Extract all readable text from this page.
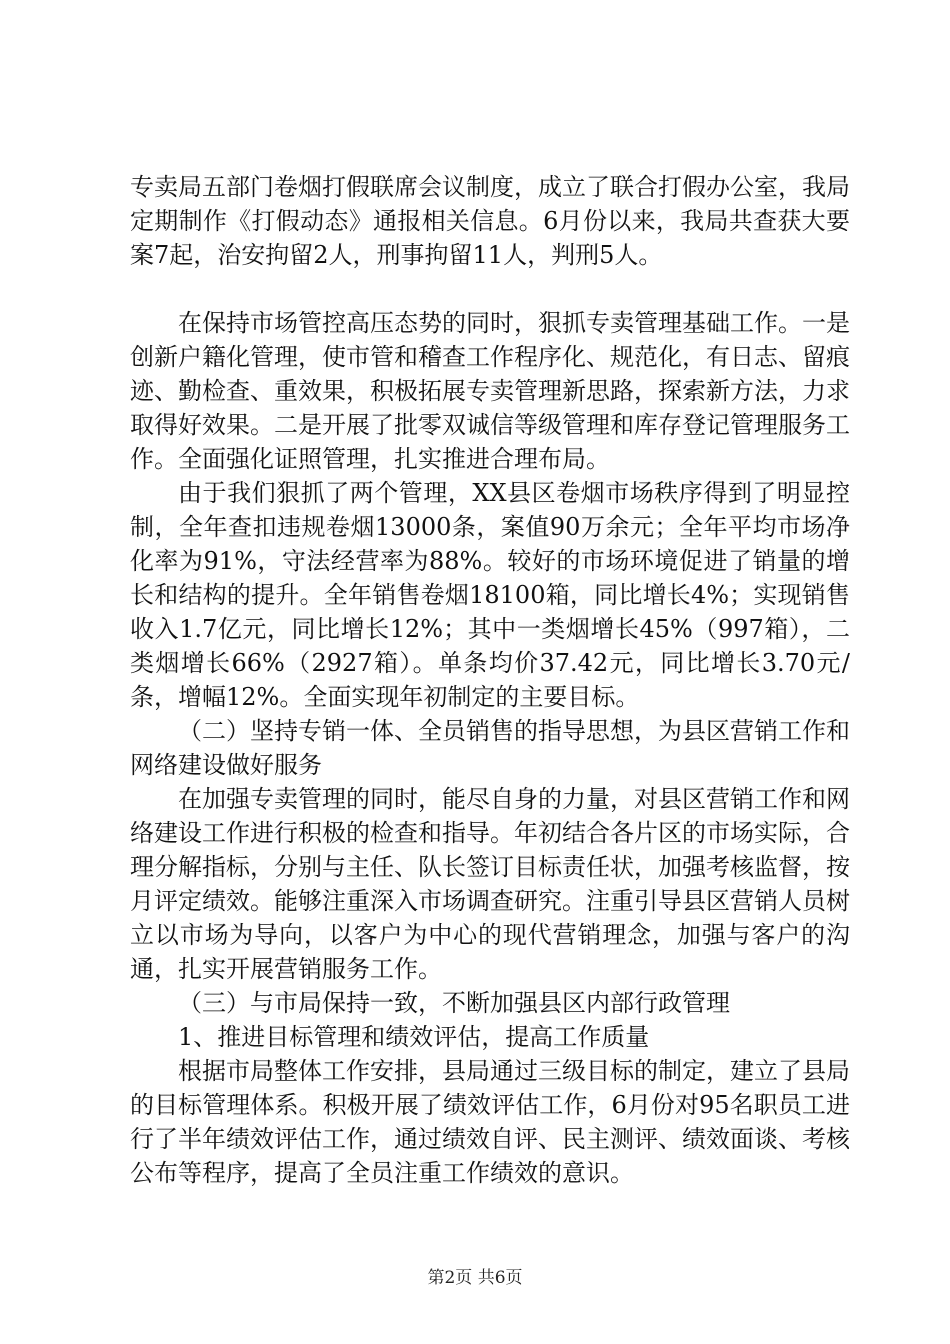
专卖局五部门卷烟打假联席会议制度，成立了联合打假办公室，我局定期制作《打假动态》通报相关信息。6月份以来，我局共查获大要案7起，治安拘留2人，刑事拘留11人，判刑5人。

在保持市场管控高压态势的同时，狠抓专卖管理基础工作。一是创新户籍化管理，使市管和稽查工作程序化、规范化，有日志、留痕迹、勤检查、重效果，积极拓展专卖管理新思路，探索新方法，力求取得好效果。二是开展了批零双诚信等级管理和库存登记管理服务工作。全面强化证照管理，扎实推进合理布局。

由于我们狠抓了两个管理，XX县区卷烟市场秩序得到了明显控制，全年查扣违规卷烟13000条，案值90万余元；全年平均市场净化率为91%，守法经营率为88%。较好的市场环境促进了销量的增长和结构的提升。全年销售卷烟18100箱，同比增长4%；实现销售收入1.7亿元，同比增长12%；其中一类烟增长45%（997箱），二类烟增长66%（2927箱）。单条均价37.42元，同比增长3.70元/条，增幅12%。全面实现年初制定的主要目标。

（二）坚持专销一体、全员销售的指导思想，为县区营销工作和网络建设做好服务

在加强专卖管理的同时，能尽自身的力量，对县区营销工作和网络建设工作进行积极的检查和指导。年初结合各片区的市场实际，合理分解指标，分别与主任、队长签订目标责任状，加强考核监督，按月评定绩效。能够注重深入市场调查研究。注重引导县区营销人员树立以市场为导向，以客户为中心的现代营销理念，加强与客户的沟通，扎实开展营销服务工作。

（三）与市局保持一致，不断加强县区内部行政管理

1、推进目标管理和绩效评估，提高工作质量

根据市局整体工作安排，县局通过三级目标的制定，建立了县局的目标管理体系。积极开展了绩效评估工作，6月份对95名职员工进行了半年绩效评估工作，通过绩效自评、民主测评、绩效面谈、考核公布等程序，提高了全员注重工作绩效的意识。

第2页 共6页
